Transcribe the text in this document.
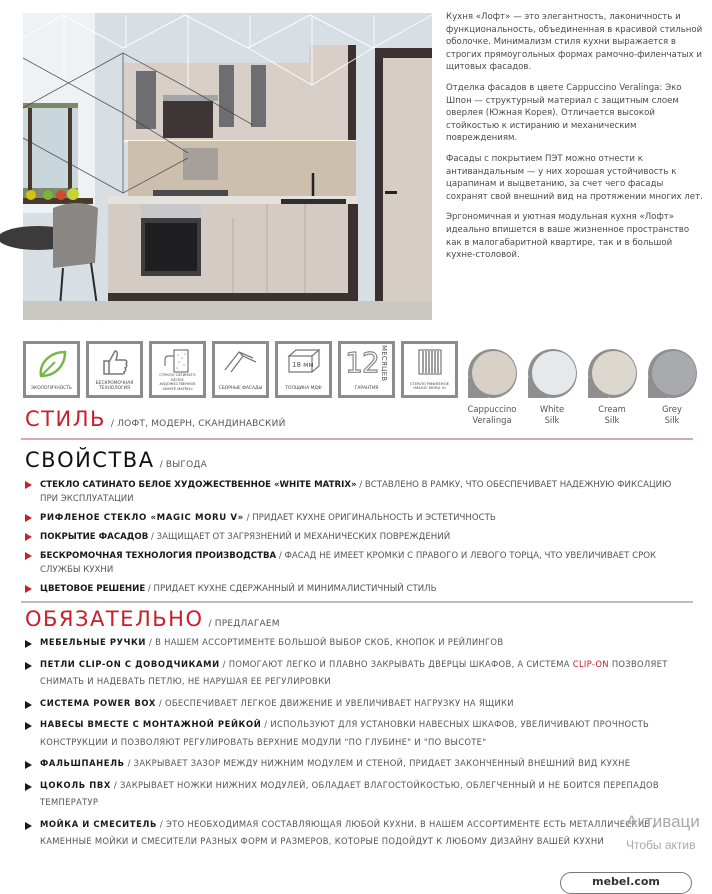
Кухня «Лофт» — это элегантность, лаконичность и функциональность, объединенная в красивой стильной оболочке. Минимализм стиля кухни выражается в строгих прямоугольных формах рамочно-филенчатых и щитовых фасадов.

Отделка фасадов в цвете Cappuccino Veralinga: Эко Шпон — структурный материал с защитным слоем оверлея (Южная Корея). Отличается высокой стойкостью к истиранию и механическим повреждениям.

Фасады с покрытием ПЭТ можно отнести к антивандальным — у них хорошая устойчивость к царапинам и выцветанию, за счет чего фасады сохранят свой внешний вид на протяжении многих лет.

Эргономичная и уютная модульная кухня «Лофт» идеально впишется в ваше жизненное пространство как в малогабаритной квартире, так и в большой кухне-столовой.

ЭКОЛОГИЧНОСТЬ
БЕСКРОМОЧНАЯ ТЕХНОЛОГИЯ
СТЕКЛО САТИНАТО БЕЛОЕ ХУДОЖЕСТВЕННОЕ «WHITE MATRIX»	СБОРНЫЕ ФАСАДЫ
18 мм
ТОЛЩИНА МДФ
12 МЕСЯЦЕВ
ГАРАНТИЯ
СТЕКЛО РИФЛЕНОЕ «MAGIC MORU V»
Cappuccino
Veralinga
White
Silk
Cream
Silk
Grey
Silk
СТИЛЬ / ЛОФТ, МОДЕРН, СКАНДИНАВСКИЙ
СВОЙСТВА / ВЫГОДА
СТЕКЛО САТИНАТО БЕЛОЕ ХУДОЖЕСТВЕННОЕ «WHITE MATRIX» / ВСТАВЛЕНО В РАМКУ, ЧТО ОБЕСПЕЧИВАЕТ НАДЕЖНУЮ ФИКСАЦИЮ ПРИ ЭКСПЛУАТАЦИИ
РИФЛЕНОЕ СТЕКЛО «MAGIC MORU V» / ПРИДАЕТ КУХНЕ ОРИГИНАЛЬНОСТЬ И ЭСТЕТИЧНОСТЬ
ПОКРЫТИЕ ФАСАДОВ / ЗАЩИЩАЕТ ОТ ЗАГРЯЗНЕНИЙ И МЕХАНИЧЕСКИХ ПОВРЕЖДЕНИЙ
БЕСКРОМОЧНАЯ ТЕХНОЛОГИЯ ПРОИЗВОДСТВА / ФАСАД НЕ ИМЕЕТ КРОМКИ С ПРАВОГО И ЛЕВОГО ТОРЦА, ЧТО УВЕЛИЧИВАЕТ СРОК СЛУЖБЫ КУХНИ
ЦВЕТОВОЕ РЕШЕНИЕ / ПРИДАЕТ КУХНЕ СДЕРЖАННЫЙ И МИНИМАЛИСТИЧНЫЙ СТИЛЬ
ОБЯЗАТЕЛЬНО / ПРЕДЛАГАЕМ
МЕБЕЛЬНЫЕ РУЧКИ / В НАШЕМ АССОРТИМЕНТЕ БОЛЬШОЙ ВЫБОР СКОБ, КНОПОК И РЕЙЛИНГОВ
ПЕТЛИ CLIP-ON С ДОВОДЧИКАМИ / ПОМОГАЮТ ЛЕГКО И ПЛАВНО ЗАКРЫВАТЬ ДВЕРЦЫ ШКАФОВ, А СИСТЕМА CLIP-ON ПОЗВОЛЯЕТ СНИМАТЬ И НАДЕВАТЬ ПЕТЛЮ, НЕ НАРУШАЯ ЕЕ РЕГУЛИРОВКИ
СИСТЕМА POWER BOX / ОБЕСПЕЧИВАЕТ ЛЕГКОЕ ДВИЖЕНИЕ И УВЕЛИЧИВАЕТ НАГРУЗКУ НА ЯЩИКИ
НАВЕСЫ ВМЕСТЕ С МОНТАЖНОЙ РЕЙКОЙ / ИСПОЛЬЗУЮТ ДЛЯ УСТАНОВКИ НАВЕСНЫХ ШКАФОВ, УВЕЛИЧИВАЮТ ПРОЧНОСТЬ КОНСТРУКЦИИ И ПОЗВОЛЯЮТ РЕГУЛИРОВАТЬ ВЕРХНИЕ МОДУЛИ "ПО ГЛУБИНЕ" И "ПО ВЫСОТЕ"
ФАЛЬШПАНЕЛЬ / ЗАКРЫВАЕТ ЗАЗОР МЕЖДУ НИЖНИМ МОДУЛЕМ И СТЕНОЙ, ПРИДАЕТ ЗАКОНЧЕННЫЙ ВНЕШНИЙ ВИД КУХНЕ
ЦОКОЛЬ ПВХ / ЗАКРЫВАЕТ НОЖКИ НИЖНИХ МОДУЛЕЙ, ОБЛАДАЕТ ВЛАГОСТОЙКОСТЬЮ, ОБЛЕГЧЕННЫЙ И НЕ БОИТСЯ ПЕРЕПАДОВ ТЕМПЕРАТУР
МОЙКА И СМЕСИТЕЛЬ / ЭТО НЕОБХОДИМАЯ СОСТАВЛЯЮЩАЯ ЛЮБОЙ КУХНИ. В НАШЕМ АССОРТИМЕНТЕ ЕСТЬ МЕТАЛЛИЧЕСКИЕ / КАМЕННЫЕ МОЙКИ И СМЕСИТЕЛИ РАЗНЫХ ФОРМ И РАЗМЕРОВ, КОТОРЫЕ ПОДОЙДУТ К ЛЮБОМУ ДИЗАЙНУ ВАШЕЙ КУХНИ
Активаци
Чтобы актив
mebel.com
